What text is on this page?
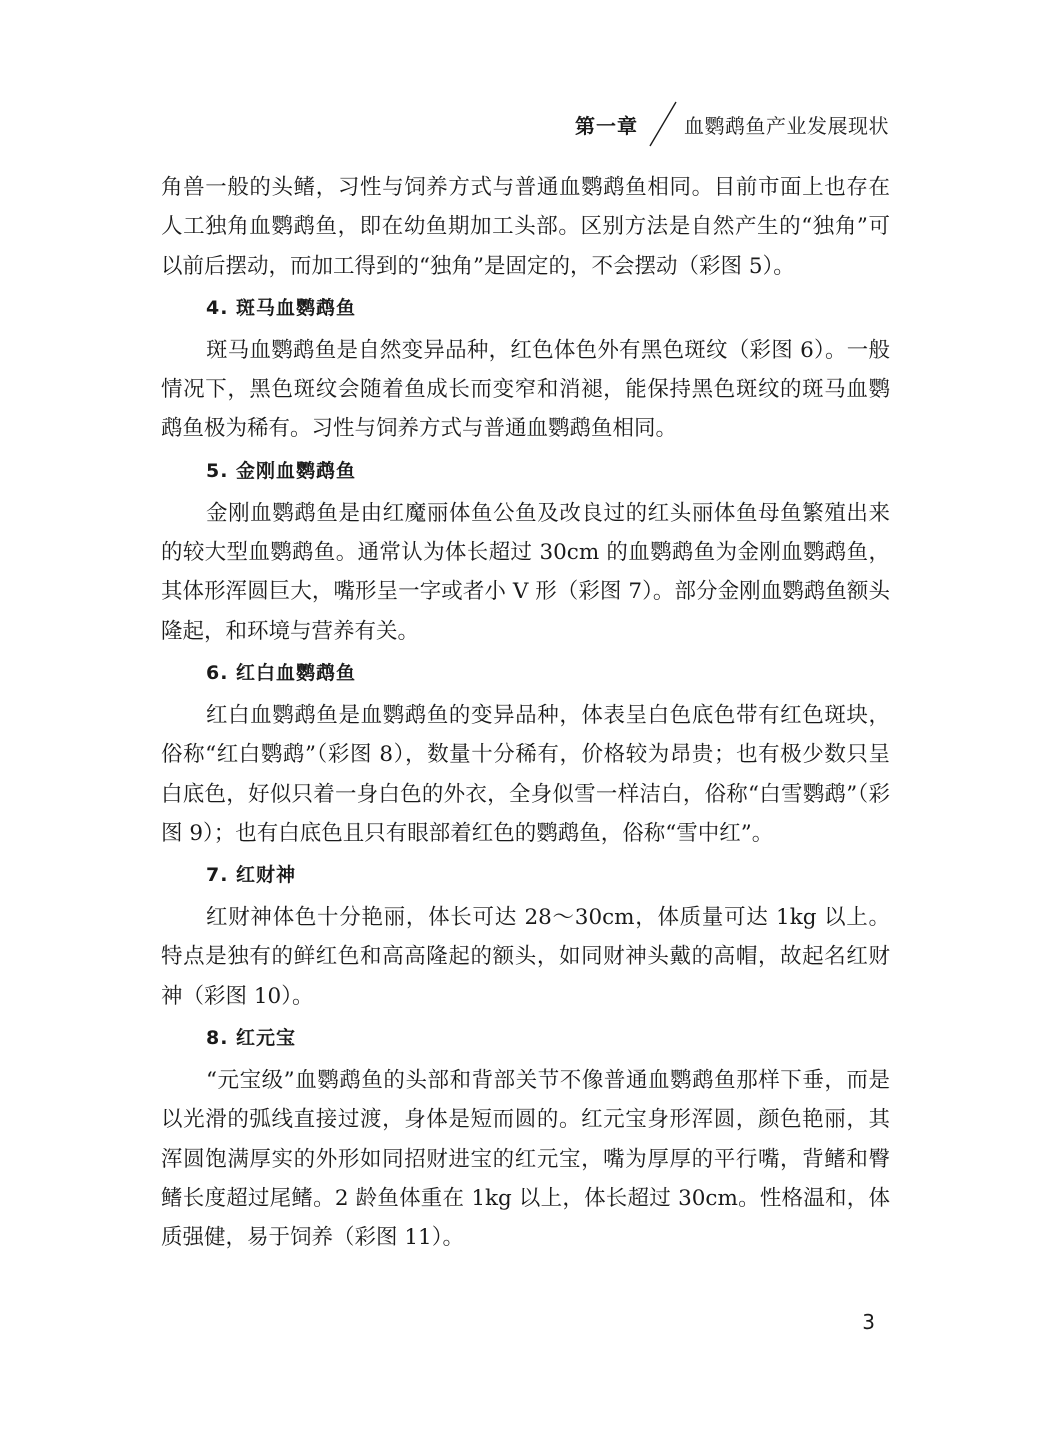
第一章 血鹦鹉鱼产业发展现状

角兽一般的头鳍，习性与饲养方式与普通血鹦鹉鱼相同。目前市面上也存在人工独角血鹦鹉鱼，即在幼鱼期加工头部。区别方法是自然产生的“独角”可以前后摆动，而加工得到的“独角”是固定的，不会摆动（彩图 5）。

4. 斑马血鹦鹉鱼

斑马血鹦鹉鱼是自然变异品种，红色体色外有黑色斑纹（彩图 6）。一般情况下，黑色斑纹会随着鱼成长而变窄和消褪，能保持黑色斑纹的斑马血鹦鹉鱼极为稀有。习性与饲养方式与普通血鹦鹉鱼相同。

5. 金刚血鹦鹉鱼

金刚血鹦鹉鱼是由红魔丽体鱼公鱼及改良过的红头丽体鱼母鱼繁殖出来的较大型血鹦鹉鱼。通常认为体长超过 30cm 的血鹦鹉鱼为金刚血鹦鹉鱼，其体形浑圆巨大，嘴形呈一字或者小 V 形（彩图 7）。部分金刚血鹦鹉鱼额头隆起，和环境与营养有关。

6. 红白血鹦鹉鱼

红白血鹦鹉鱼是血鹦鹉鱼的变异品种，体表呈白色底色带有红色斑块，俗称“红白鹦鹉”（彩图 8），数量十分稀有，价格较为昂贵；也有极少数只呈白底色，好似只着一身白色的外衣，全身似雪一样洁白，俗称“白雪鹦鹉”（彩图 9）；也有白底色且只有眼部着红色的鹦鹉鱼，俗称“雪中红”。

7. 红财神

红财神体色十分艳丽，体长可达 28～30cm，体质量可达 1kg 以上。特点是独有的鲜红色和高高隆起的额头，如同财神头戴的高帽，故起名红财神（彩图 10）。

8. 红元宝

“元宝级”血鹦鹉鱼的头部和背部关节不像普通血鹦鹉鱼那样下垂，而是以光滑的弧线直接过渡，身体是短而圆的。红元宝身形浑圆，颜色艳丽，其浑圆饱满厚实的外形如同招财进宝的红元宝，嘴为厚厚的平行嘴，背鳍和臀鳍长度超过尾鳍。2 龄鱼体重在 1kg 以上，体长超过 30cm。性格温和，体质强健，易于饲养（彩图 11）。

3
